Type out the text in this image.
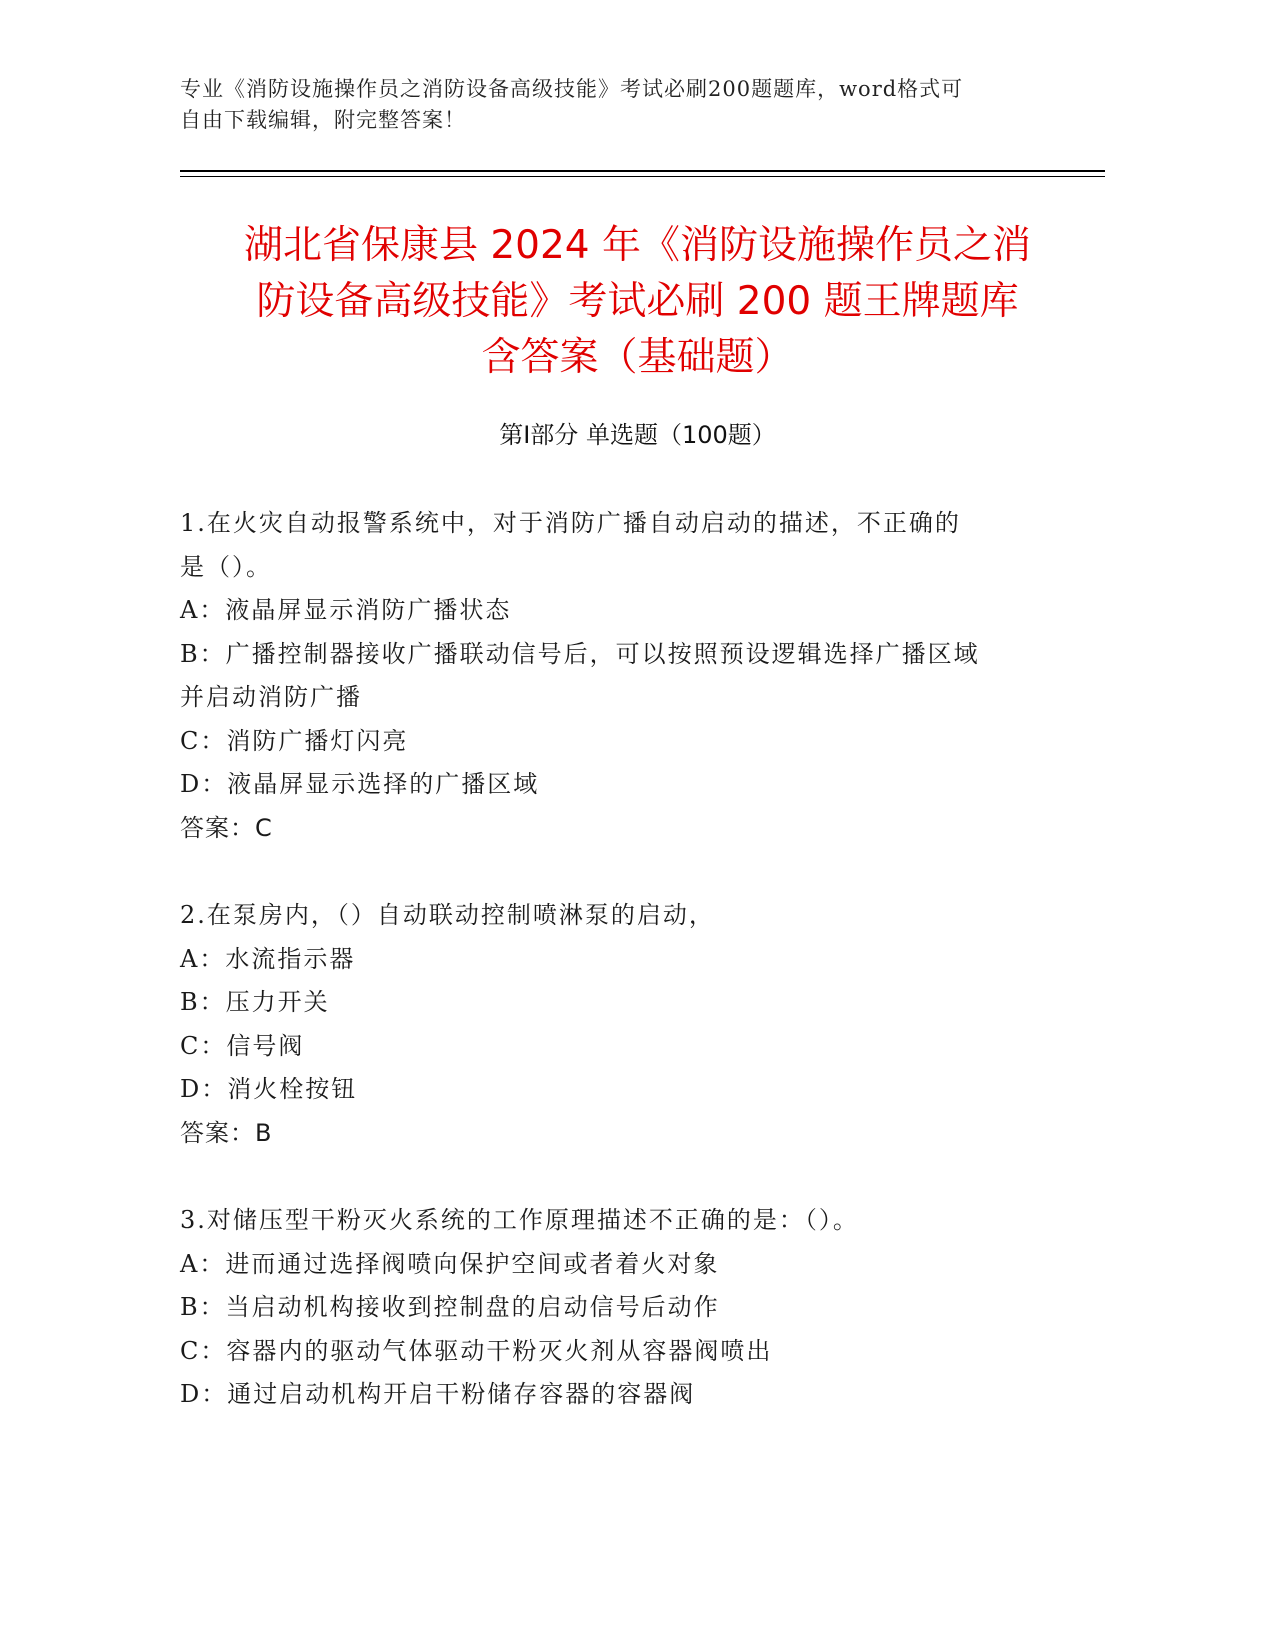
专业《消防设施操作员之消防设备高级技能》考试必刷200题题库，word格式可
自由下载编辑，附完整答案！
湖北省保康县 2024 年《消防设施操作员之消
防设备高级技能》考试必刷 200 题王牌题库
含答案（基础题）
第Ⅰ部分 单选题（100题）
1.在火灾自动报警系统中，对于消防广播自动启动的描述，不正确的
是（）。
A：液晶屏显示消防广播状态
B：广播控制器接收广播联动信号后，可以按照预设逻辑选择广播区域
并启动消防广播
C：消防广播灯闪亮
D：液晶屏显示选择的广播区域
答案：C
2.在泵房内，（）自动联动控制喷淋泵的启动，
A：水流指示器
B：压力开关
C：信号阀
D：消火栓按钮
答案：B
3.对储压型干粉灭火系统的工作原理描述不正确的是：（）。
A：进而通过选择阀喷向保护空间或者着火对象
B：当启动机构接收到控制盘的启动信号后动作
C：容器内的驱动气体驱动干粉灭火剂从容器阀喷出
D：通过启动机构开启干粉储存容器的容器阀
